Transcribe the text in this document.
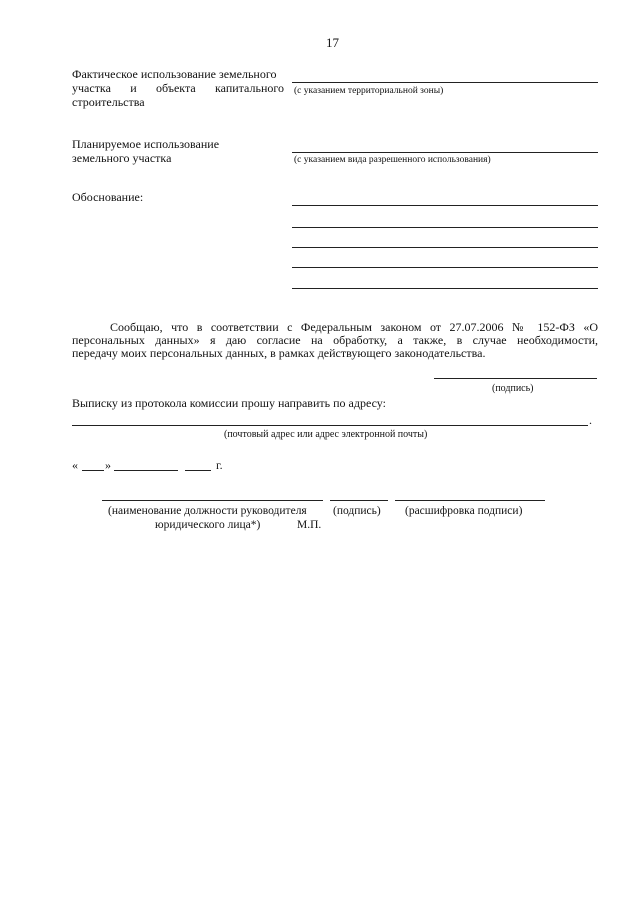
17
Фактическое использование земельного
участка и объекта капитального
строительства
(с указанием территориальной зоны)
Планируемое использование
земельного участка	(с указанием вида разрешенного использования)
Обоснование:
Сообщаю, что в соответствии с Федеральным законом от 27.07.2006 № 152-ФЗ «О
персональных данных» я даю согласие на обработку, а также, в случае необходимости,
передачу моих персональных данных, в рамках действующего законодательства.
(подпись)
Выписку из протокола комиссии прошу направить по адресу:
.
(почтовый адрес или адрес электронной почты)
« »	г.
(наименование должности руководителя
юридического лица*)
(подпись)
М.П.
(расшифровка подписи)
